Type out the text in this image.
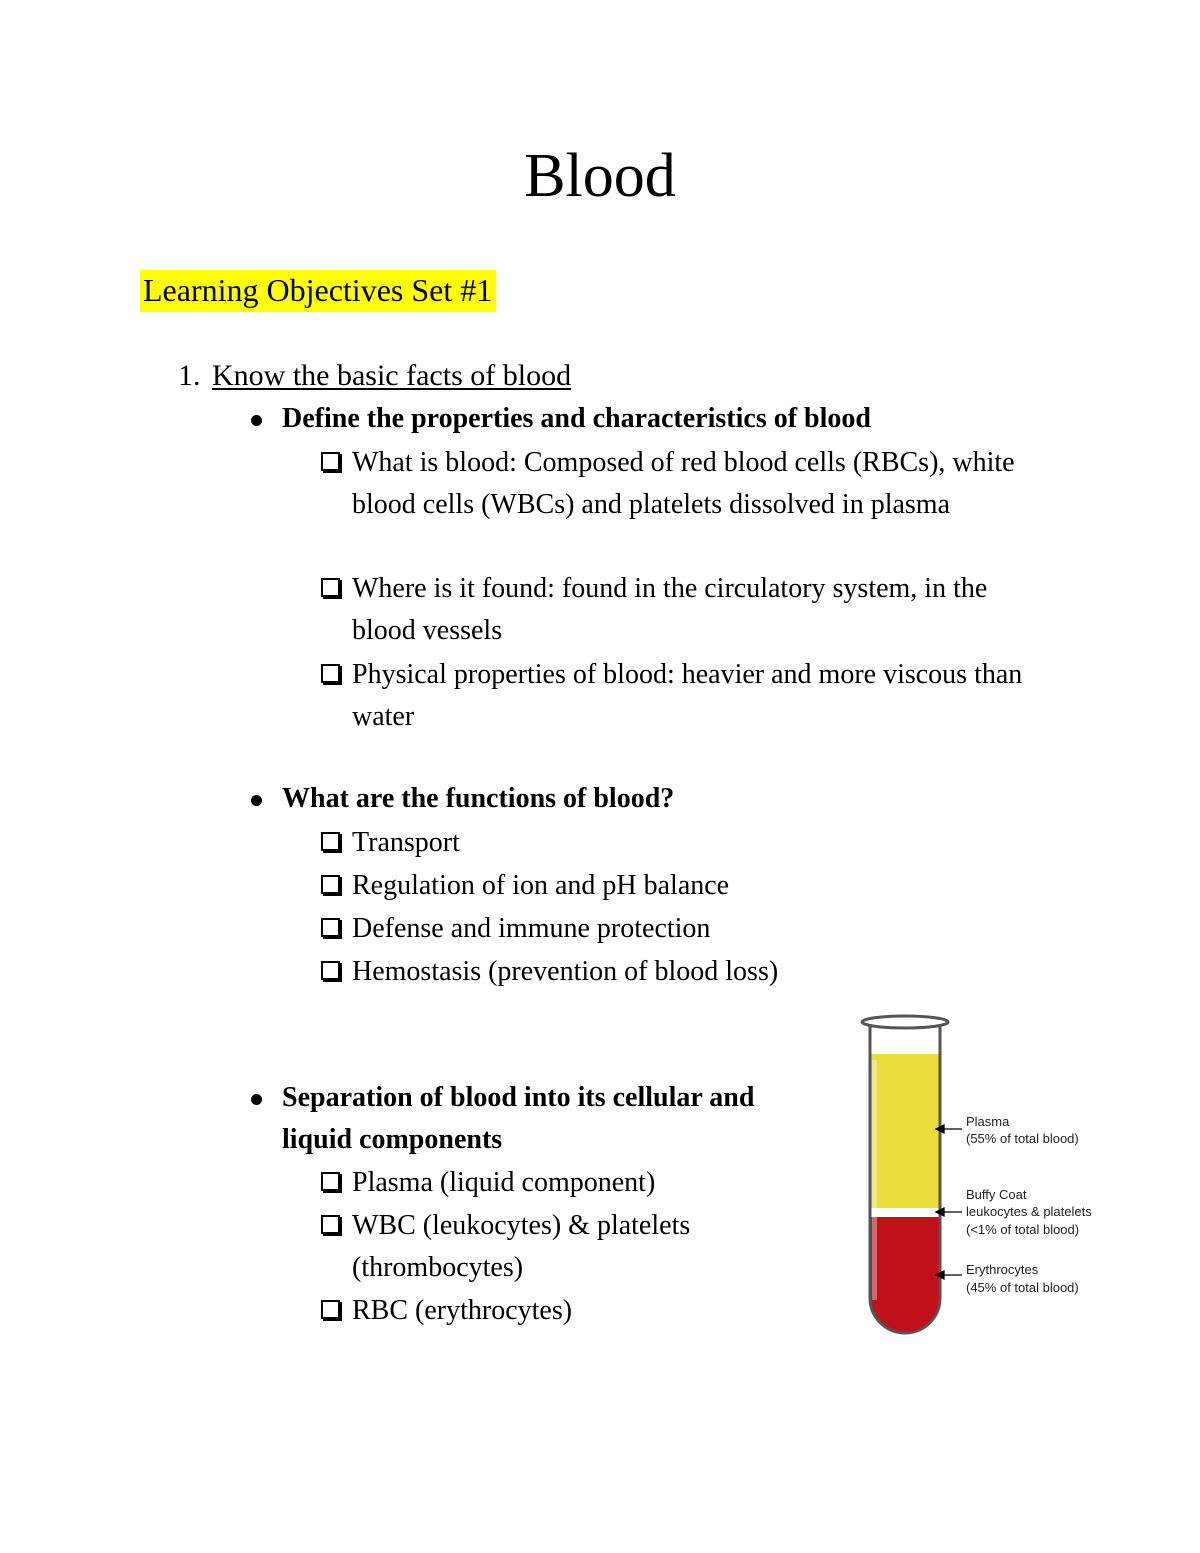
Blood
Learning Objectives Set #1
1. Know the basic facts of blood
Define the properties and characteristics of blood
What is blood: Composed of red blood cells (RBCs), white blood cells (WBCs) and platelets dissolved in plasma
Where is it found: found in the circulatory system, in the blood vessels
Physical properties of blood: heavier and more viscous than water
What are the functions of blood?
Transport
Regulation of ion and pH balance
Defense and immune protection
Hemostasis (prevention of blood loss)
Separation of blood into its cellular and liquid components
Plasma (liquid component)
WBC (leukocytes) & platelets (thrombocytes)
RBC (erythrocytes)
Plasma
(55% of total blood)
Buffy Coat
leukocytes & platelets
(<1% of total blood)
Erythrocytes
(45% of total blood)
